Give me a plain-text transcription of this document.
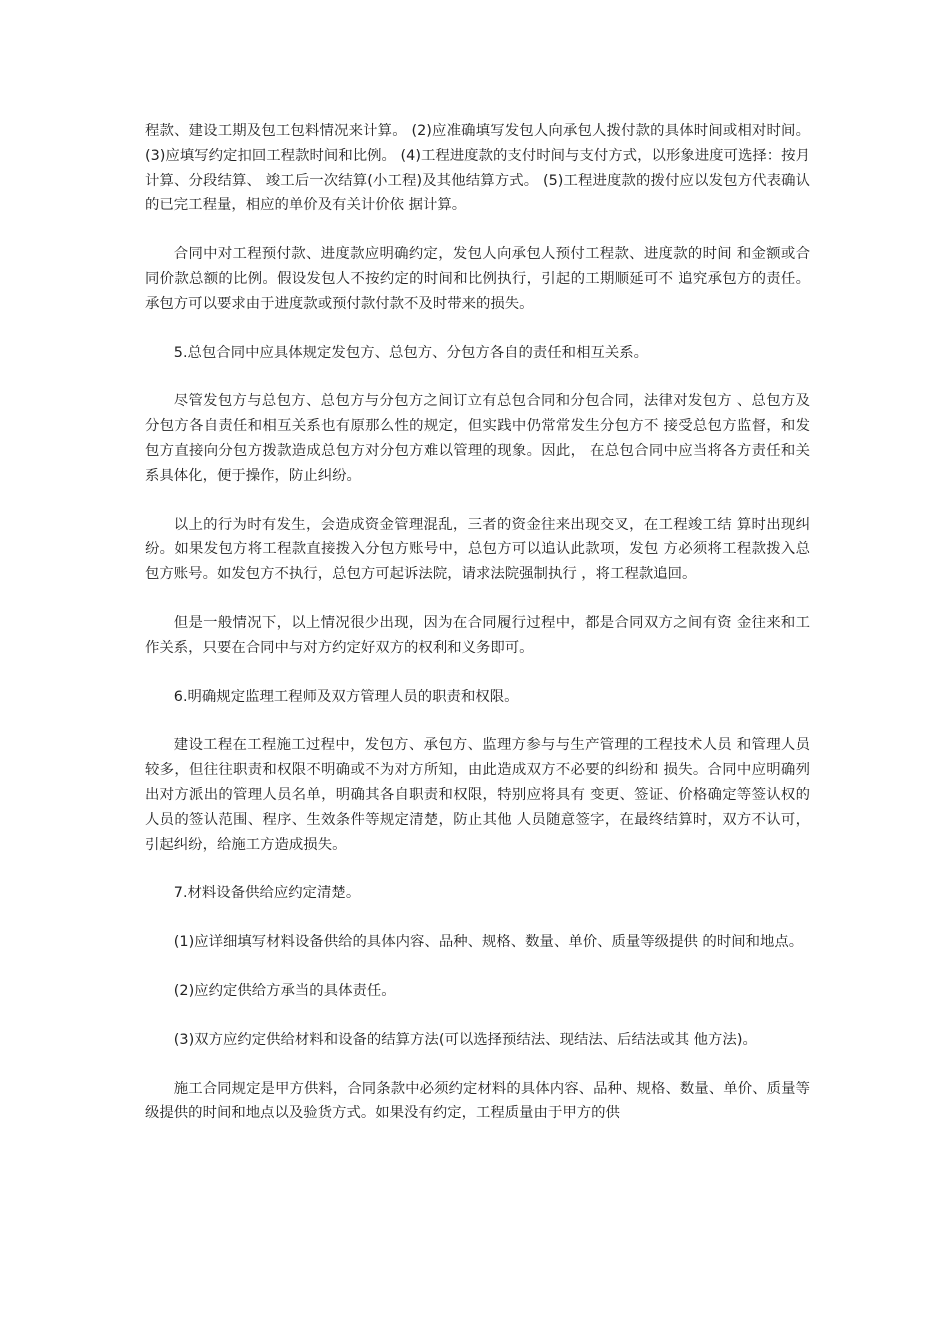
程款、建设工期及包工包料情况来计算。 (2)应准确填写发包人向承包人拨付款的具体时间或相对时间。 (3)应填写约定扣回工程款时间和比例。 (4)工程进度款的支付时间与支付方式，以形象进度可选择：按月计算、分段结算、 竣工后一次结算(小工程)及其他结算方式。 (5)工程进度款的拨付应以发包方代表确认的已完工程量，相应的单价及有关计价依 据计算。

合同中对工程预付款、进度款应明确约定，发包人向承包人预付工程款、进度款的时间 和金额或合同价款总额的比例。假设发包人不按约定的时间和比例执行，引起的工期顺延可不 追究承包方的责任。承包方可以要求由于进度款或预付款付款不及时带来的损失。

5.总包合同中应具体规定发包方、总包方、分包方各自的责任和相互关系。

尽管发包方与总包方、总包方与分包方之间订立有总包合同和分包合同，法律对发包方 、总包方及分包方各自责任和相互关系也有原那么性的规定，但实践中仍常常发生分包方不 接受总包方监督，和发包方直接向分包方拨款造成总包方对分包方难以管理的现象。因此， 在总包合同中应当将各方责任和关系具体化，便于操作，防止纠纷。

以上的行为时有发生，会造成资金管理混乱，三者的资金往来出现交叉，在工程竣工结 算时出现纠纷。如果发包方将工程款直接拨入分包方账号中，总包方可以追认此款项，发包 方必须将工程款拨入总包方账号。如发包方不执行，总包方可起诉法院，请求法院强制执行 ，将工程款追回。

但是一般情况下，以上情况很少出现，因为在合同履行过程中，都是合同双方之间有资 金往来和工作关系，只要在合同中与对方约定好双方的权利和义务即可。

6.明确规定监理工程师及双方管理人员的职责和权限。

建设工程在工程施工过程中，发包方、承包方、监理方参与与生产管理的工程技术人员 和管理人员较多，但往往职责和权限不明确或不为对方所知，由此造成双方不必要的纠纷和 损失。合同中应明确列出对方派出的管理人员名单，明确其各自职责和权限，特别应将具有 变更、签证、价格确定等签认权的人员的签认范围、程序、生效条件等规定清楚，防止其他 人员随意签字，在最终结算时，双方不认可，引起纠纷，给施工方造成损失。

7.材料设备供给应约定清楚。

(1)应详细填写材料设备供给的具体内容、品种、规格、数量、单价、质量等级提供 的时间和地点。

(2)应约定供给方承当的具体责任。

(3)双方应约定供给材料和设备的结算方法(可以选择预结法、现结法、后结法或其 他方法)。

施工合同规定是甲方供料，合同条款中必须约定材料的具体内容、品种、规格、数量、单价、质量等级提供的时间和地点以及验货方式。如果没有约定，工程质量由于甲方的供
